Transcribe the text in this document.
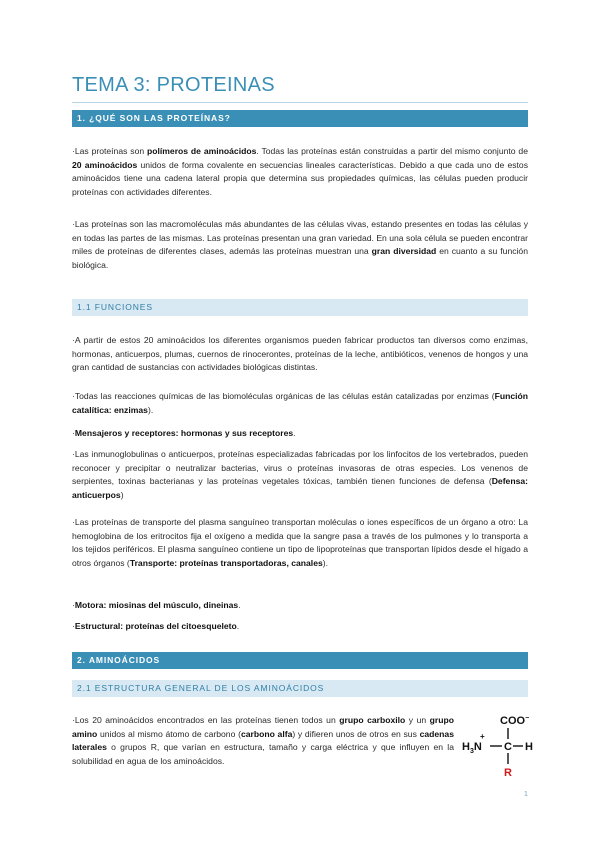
TEMA 3: PROTEINAS
1. ¿QUÉ SON LAS PROTEÍNAS?
·Las proteínas son polímeros de aminoácidos. Todas las proteínas están construidas a partir del mismo conjunto de 20 aminoácidos unidos de forma covalente en secuencias lineales características. Debido a que cada uno de estos aminoácidos tiene una cadena lateral propia que determina sus propiedades químicas, las células pueden producir proteínas con actividades diferentes.
·Las proteínas son las macromoléculas más abundantes de las células vivas, estando presentes en todas las células y en todas las partes de las mismas. Las proteínas presentan una gran variedad. En una sola célula se pueden encontrar miles de proteínas de diferentes clases, además las proteínas muestran una gran diversidad en cuanto a su función biológica.
1.1 FUNCIONES
·A partir de estos 20 aminoácidos los diferentes organismos pueden fabricar productos tan diversos como enzimas, hormonas, anticuerpos, plumas, cuernos de rinocerontes, proteínas de la leche, antibióticos, venenos de hongos y una gran cantidad de sustancias con actividades biológicas distintas.
·Todas las reacciones químicas de las biomoléculas orgánicas de las células están catalizadas por enzimas (Función catalítica: enzimas).
·Mensajeros y receptores: hormonas y sus receptores.
·Las inmunoglobulinas o anticuerpos, proteínas especializadas fabricadas por los linfocitos de los vertebrados, pueden reconocer y precipitar o neutralizar bacterias, virus o proteínas invasoras de otras especies. Los venenos de serpientes, toxinas bacterianas y las proteínas vegetales tóxicas, también tienen funciones de defensa (Defensa: anticuerpos)
·Las proteínas de transporte del plasma sanguíneo transportan moléculas o iones específicos de un órgano a otro: La hemoglobina de los eritrocitos fija el oxígeno a medida que la sangre pasa a través de los pulmones y lo transporta a los tejidos periféricos. El plasma sanguíneo contiene un tipo de lipoproteínas que transportan lípidos desde el hígado a otros órganos (Transporte: proteínas transportadoras, canales).
·Motora: miosinas del músculo, dineinas.
·Estructural: proteínas del citoesqueleto.
2. AMINOÁCIDOS
2.1 ESTRUCTURA GENERAL DE LOS AMINOÁCIDOS
·Los 20 aminoácidos encontrados en las proteínas tienen todos un grupo carboxilo y un grupo amino unidos al mismo átomo de carbono (carbono alfa) y difieren unos de otros en sus cadenas laterales o grupos R, que varían en estructura, tamaño y carga eléctrica y que influyen en la solubilidad en agua de los aminoácidos.
COO−
$H_3N$
+
C H
R
1
